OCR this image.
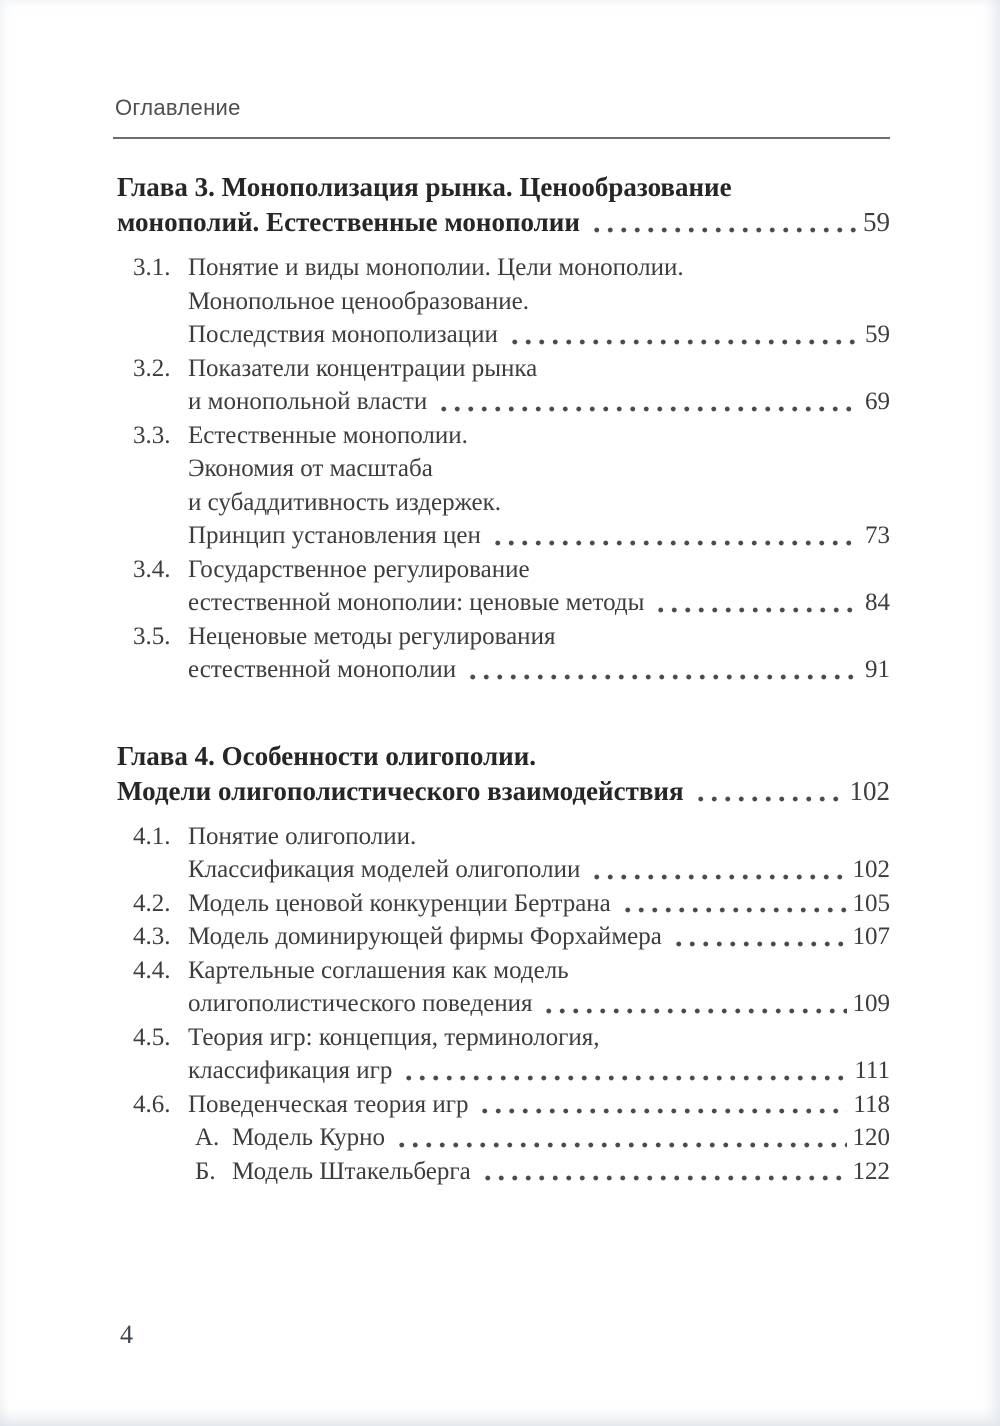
Оглавление
Глава 3. Монополизация рынка. Ценообразование
монополий. Естественные монополии	59
3.1. Понятие и виды монополии. Цели монополии.
Монопольное ценообразование.
Последствия монополизации	59
3.2. Показатели концентрации рынка
и монопольной власти	69
3.3. Естественные монополии.
Экономия от масштаба
и субаддитивность издержек.
Принцип установления цен	73
3.4. Государственное регулирование
естественной монополии: ценовые методы	84
3.5. Неценовые методы регулирования
естественной монополии	91
Глава 4. Особенности олигополии.
Модели олигополистического взаимодействия	102
4.1. Понятие олигополии.
Классификация моделей олигополии	102
4.2. Модель ценовой конкуренции Бертрана	105
4.3. Модель доминирующей фирмы Форхаймера	107
4.4. Картельные соглашения как модель
олигополистического поведения	109
4.5. Теория игр: концепция, терминология,
классификация игр	111
4.6. Поведенческая теория игр	118
А. Модель Курно	120
Б. Модель Штакельберга	122
4
